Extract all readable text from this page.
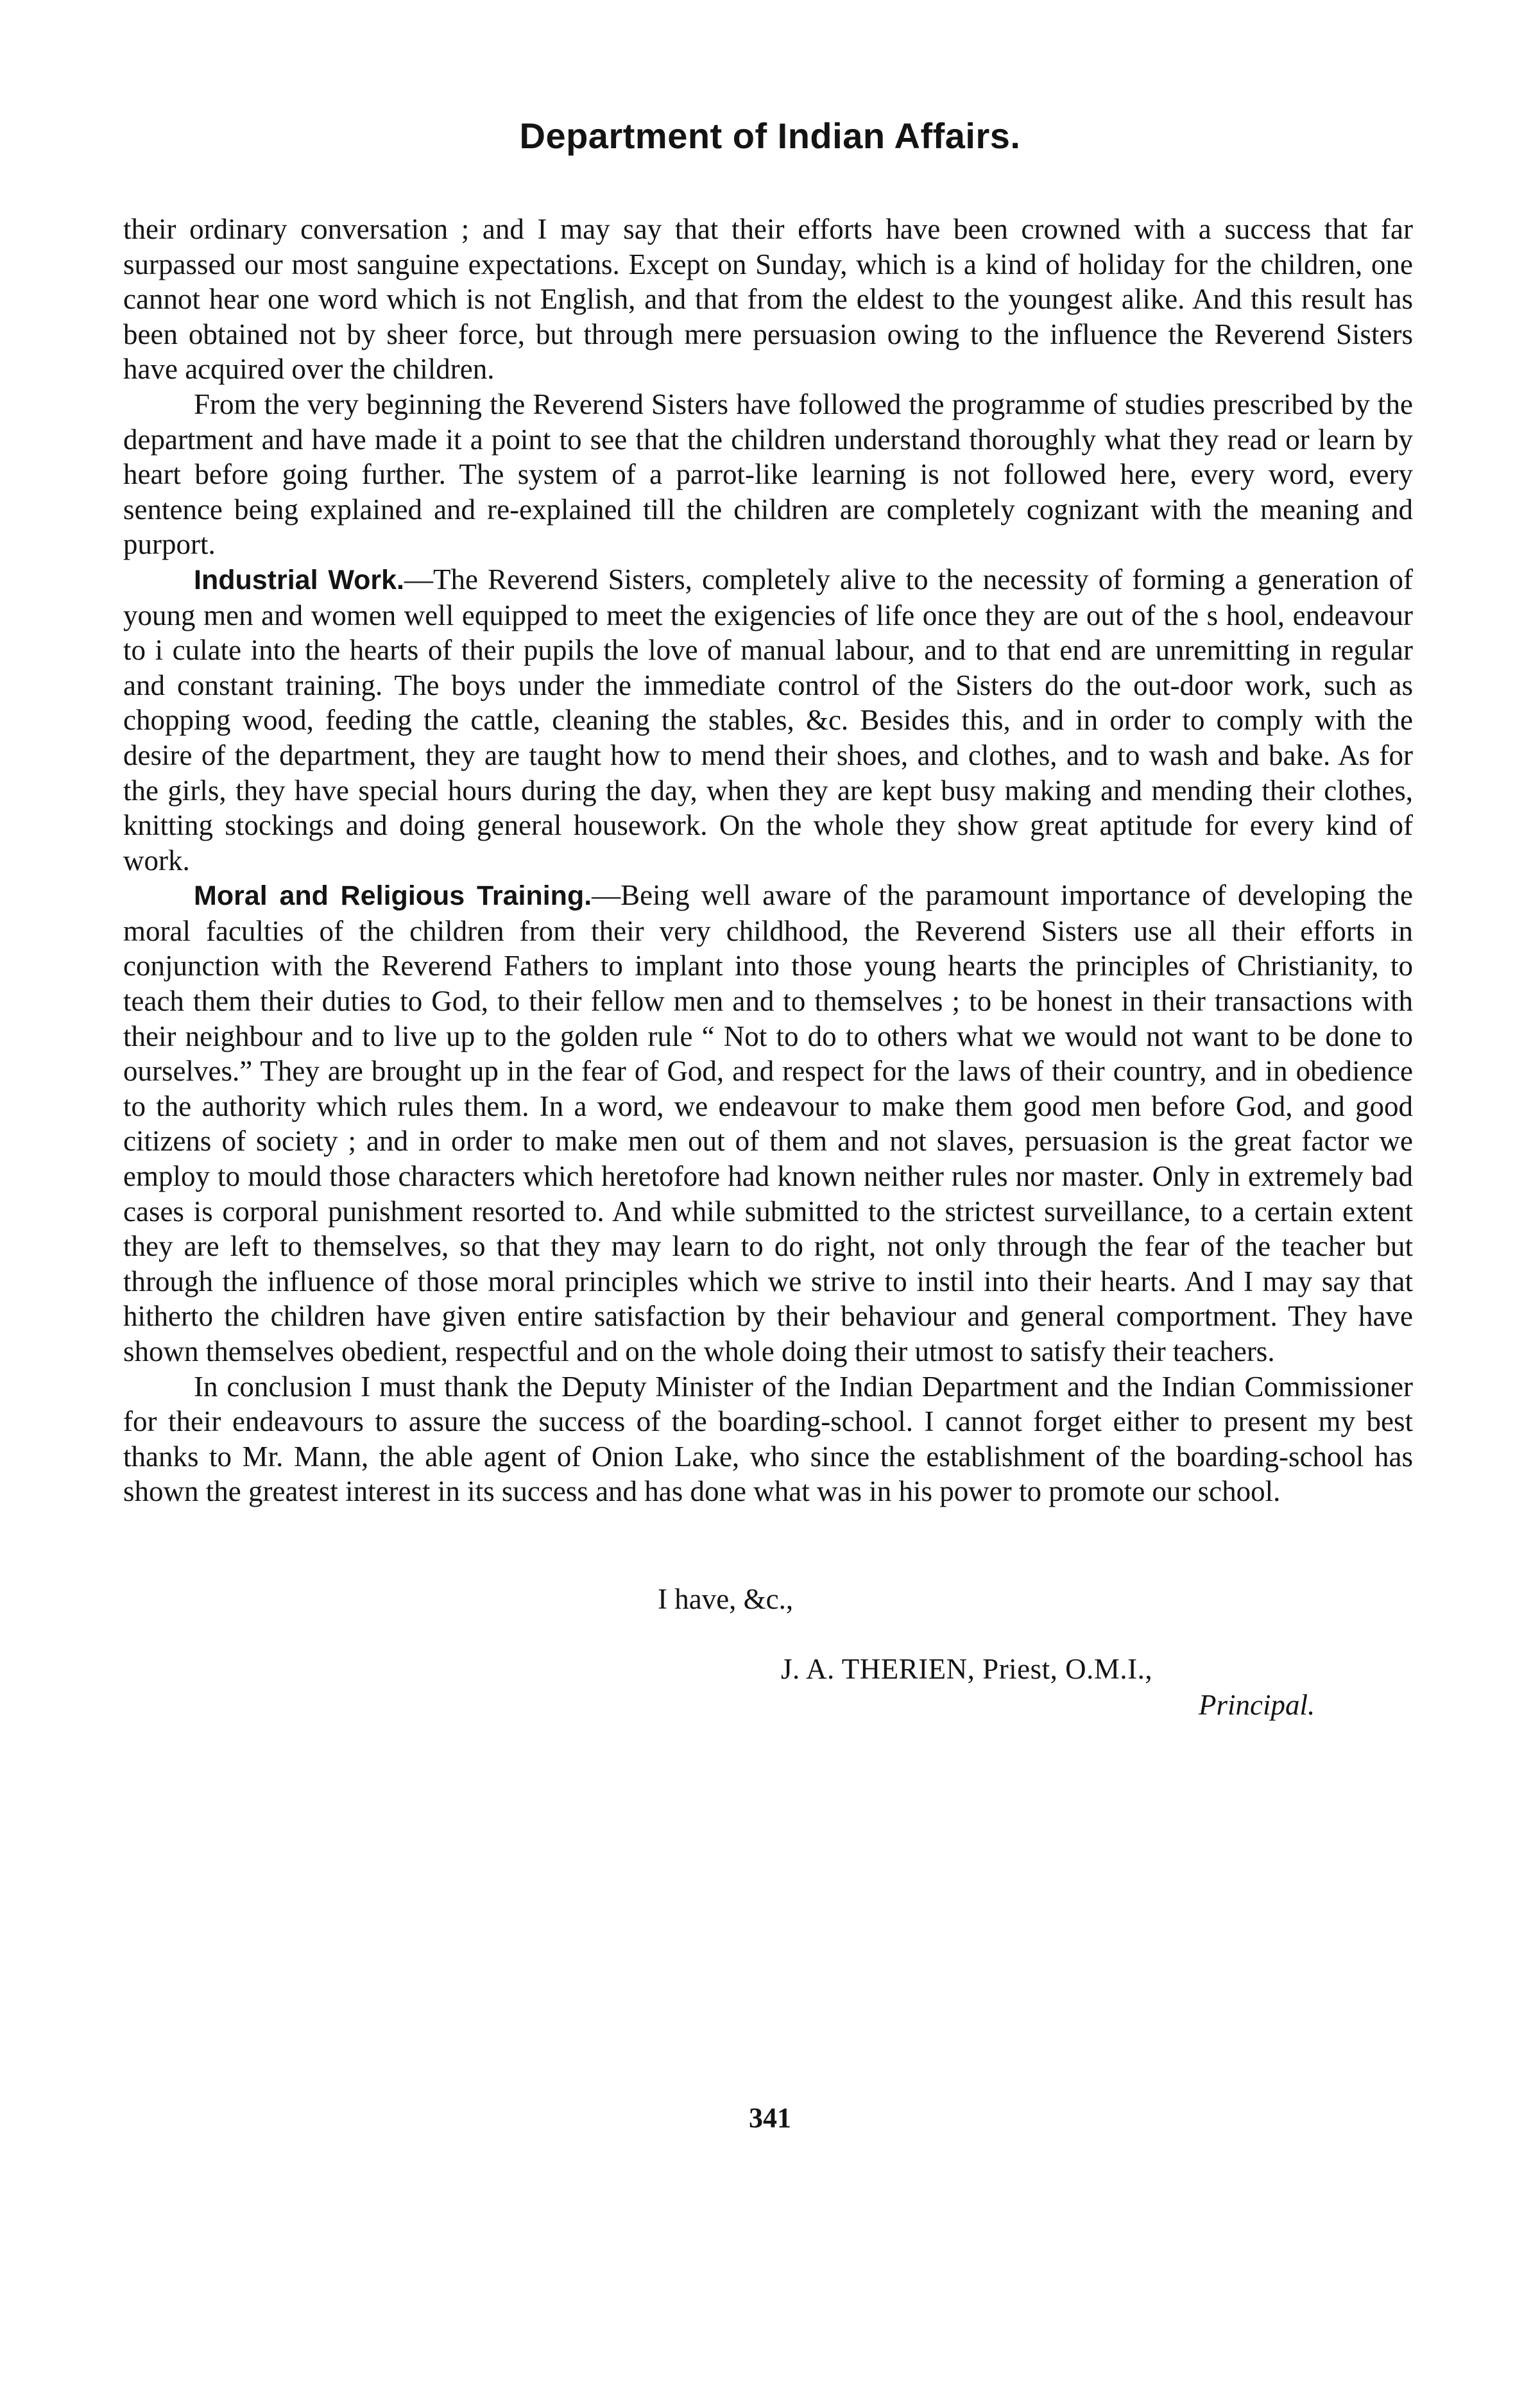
Department of Indian Affairs.

their ordinary conversation ; and I may say that their efforts have been crowned with a success that far surpassed our most sanguine expectations. Except on Sunday, which is a kind of holiday for the children, one cannot hear one word which is not English, and that from the eldest to the youngest alike. And this result has been obtained not by sheer force, but through mere persuasion owing to the influence the Reverend Sisters have acquired over the children.

From the very beginning the Reverend Sisters have followed the programme of studies prescribed by the department and have made it a point to see that the children understand thoroughly what they read or learn by heart before going further. The system of a parrot-like learning is not followed here, every word, every sentence being explained and re-explained till the children are completely cognizant with the meaning and purport.

Industrial Work.—The Reverend Sisters, completely alive to the necessity of forming a generation of young men and women well equipped to meet the exigencies of life once they are out of the s hool, endeavour to i culate into the hearts of their pupils the love of manual labour, and to that end are unremitting in regular and constant training. The boys under the immediate control of the Sisters do the out-door work, such as chopping wood, feeding the cattle, cleaning the stables, &c. Besides this, and in order to comply with the desire of the department, they are taught how to mend their shoes, and clothes, and to wash and bake. As for the girls, they have special hours during the day, when they are kept busy making and mending their clothes, knitting stockings and doing general housework. On the whole they show great aptitude for every kind of work.

Moral and Religious Training.—Being well aware of the paramount importance of developing the moral faculties of the children from their very childhood, the Reverend Sisters use all their efforts in conjunction with the Reverend Fathers to implant into those young hearts the principles of Christianity, to teach them their duties to God, to their fellow men and to themselves ; to be honest in their transactions with their neighbour and to live up to the golden rule “ Not to do to others what we would not want to be done to ourselves.” They are brought up in the fear of God, and respect for the laws of their country, and in obedience to the authority which rules them. In a word, we endeavour to make them good men before God, and good citizens of society ; and in order to make men out of them and not slaves, persuasion is the great factor we employ to mould those characters which heretofore had known neither rules nor master. Only in extremely bad cases is corporal punishment resorted to. And while submitted to the strictest surveillance, to a certain extent they are left to themselves, so that they may learn to do right, not only through the fear of the teacher but through the influence of those moral principles which we strive to instil into their hearts. And I may say that hitherto the children have given entire satisfaction by their behaviour and general comportment. They have shown themselves obedient, respectful and on the whole doing their utmost to satisfy their teachers.

In conclusion I must thank the Deputy Minister of the Indian Department and the Indian Commissioner for their endeavours to assure the success of the boarding-school. I cannot forget either to present my best thanks to Mr. Mann, the able agent of Onion Lake, who since the establishment of the boarding-school has shown the greatest interest in its success and has done what was in his power to promote our school.

I have, &c.,
J. A. THERIEN, Priest, O.M.I.,
Principal.
341
